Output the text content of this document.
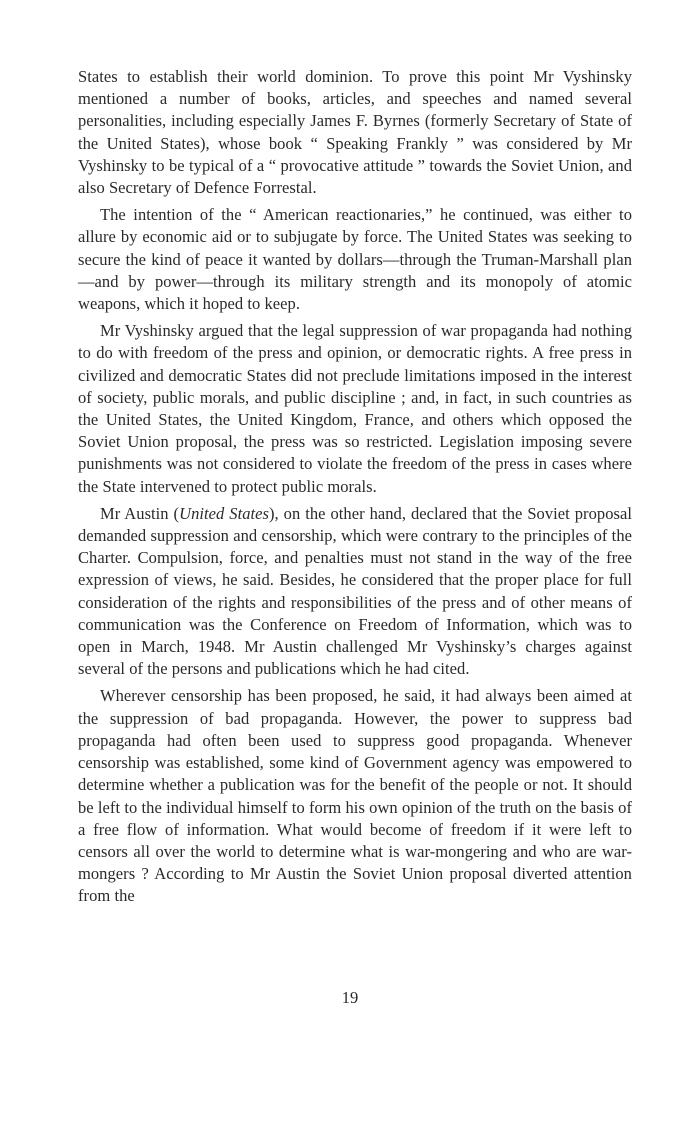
States to establish their world dominion. To prove this point Mr Vyshinsky mentioned a number of books, articles, and speeches and named several personalities, including especially James F. Byrnes (formerly Secretary of State of the United States), whose book “ Speaking Frankly ” was considered by Mr Vyshinsky to be typical of a “ provocative attitude ” towards the Soviet Union, and also Secretary of Defence Forrestal.

The intention of the “ American reactionaries,” he continued, was either to allure by economic aid or to subjugate by force. The United States was seeking to secure the kind of peace it wanted by dollars—through the Truman-Marshall plan—and by power—through its military strength and its monopoly of atomic weapons, which it hoped to keep.

Mr Vyshinsky argued that the legal suppression of war propaganda had nothing to do with freedom of the press and opinion, or democratic rights. A free press in civilized and democratic States did not preclude limitations imposed in the interest of society, public morals, and public discipline ; and, in fact, in such countries as the United States, the United Kingdom, France, and others which opposed the Soviet Union proposal, the press was so restricted. Legislation imposing severe punishments was not considered to violate the freedom of the press in cases where the State intervened to protect public morals.

Mr Austin (United States), on the other hand, declared that the Soviet proposal demanded suppression and censorship, which were contrary to the principles of the Charter. Compulsion, force, and penalties must not stand in the way of the free expression of views, he said. Besides, he considered that the proper place for full consideration of the rights and responsibilities of the press and of other means of communication was the Conference on Freedom of Information, which was to open in March, 1948. Mr Austin challenged Mr Vyshinsky’s charges against several of the persons and publications which he had cited.

Wherever censorship has been proposed, he said, it had always been aimed at the suppression of bad propaganda. However, the power to suppress bad propaganda had often been used to suppress good propaganda. Whenever censorship was established, some kind of Government agency was empowered to determine whether a publication was for the benefit of the people or not. It should be left to the individual himself to form his own opinion of the truth on the basis of a free flow of information. What would become of freedom if it were left to censors all over the world to determine what is war-mongering and who are war-mongers ? According to Mr Austin the Soviet Union proposal diverted attention from the

19
